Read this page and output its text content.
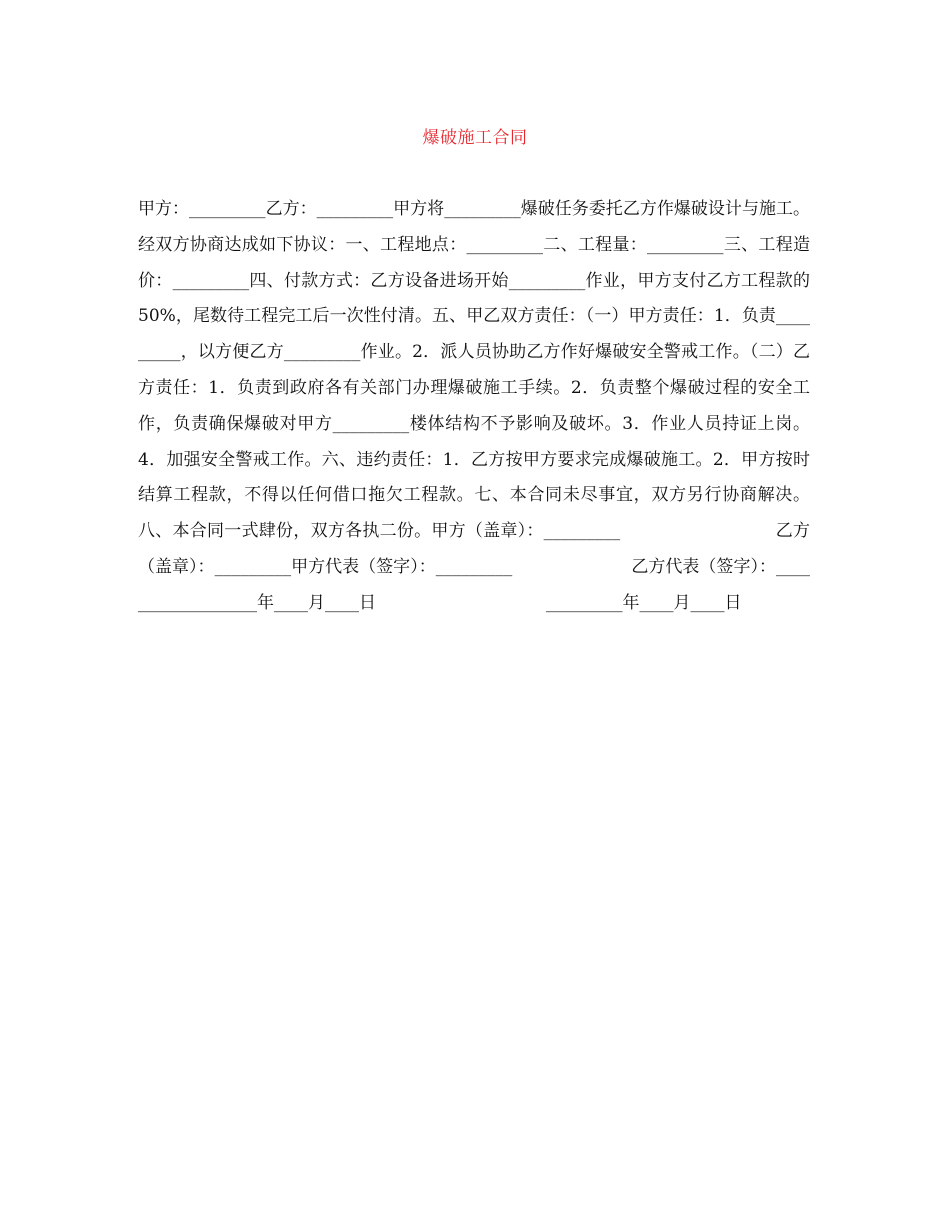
爆破施工合同
甲方：_________乙方：_________甲方将_________爆破任务委托乙方作爆破设计与施工。经双方协商达成如下协议：一、工程地点：_________二、工程量：_________三、工程造价：_________四、付款方式：乙方设备进场开始_________作业，甲方支付乙方工程款的50%，尾数待工程完工后一次性付清。五、甲乙双方责任：（一）甲方责任：1．负责_________，以方便乙方_________作业。2．派人员协助乙方作好爆破安全警戒工作。（二）乙方责任：1．负责到政府各有关部门办理爆破施工手续。2．负责整个爆破过程的安全工作，负责确保爆破对甲方_________楼体结构不予影响及破坏。3．作业人员持证上岗。4．加强安全警戒工作。六、违约责任：1．乙方按甲方要求完成爆破施工。2．甲方按时结算工程款，不得以任何借口拖欠工程款。七、本合同未尽事宜，双方另行协商解决。八、本合同一式肆份，双方各执二份。甲方（盖章）：_________　　　　　　　　　乙方（盖章）：_________甲方代表（签字）：_________　　　　　　　乙方代表（签字）：__________________年____月____日　　　　　　　　　　_________年____月____日
